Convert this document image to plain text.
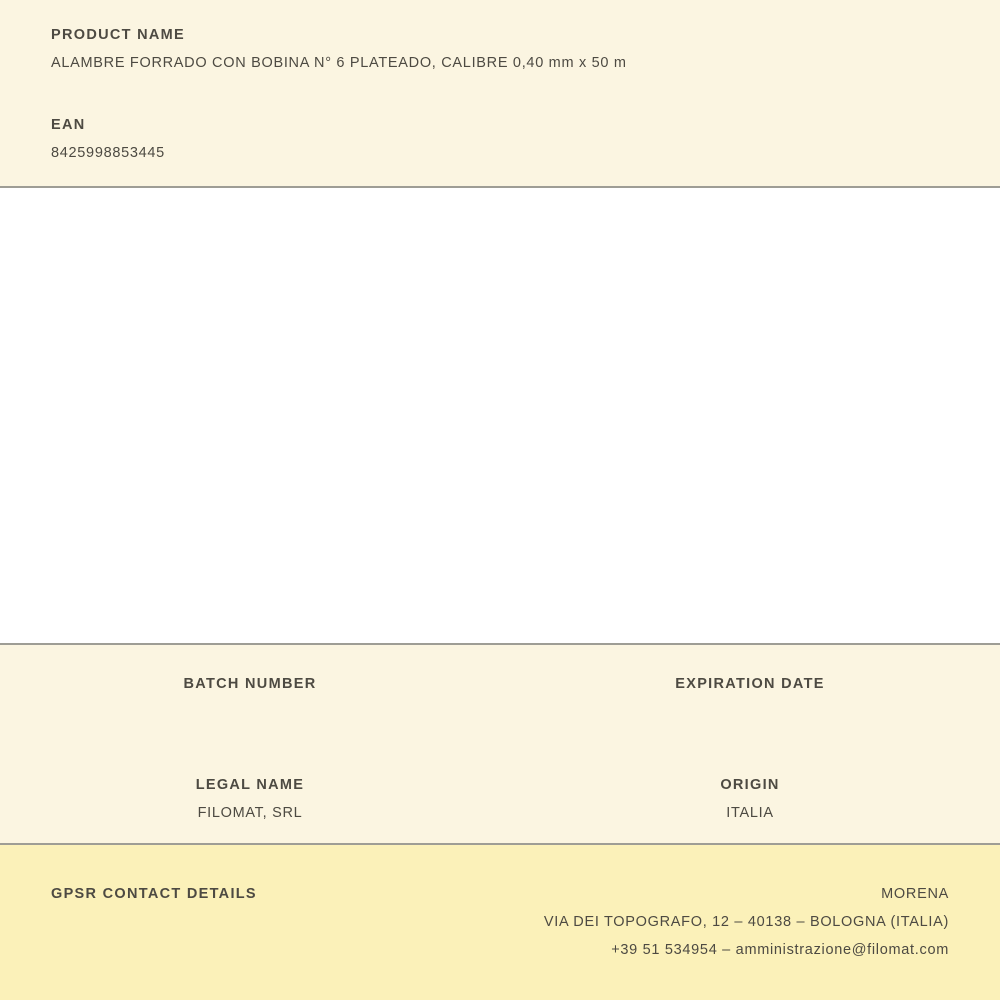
PRODUCT NAME
ALAMBRE FORRADO CON BOBINA N° 6 PLATEADO, CALIBRE 0,40 mm x 50 m
EAN
8425998853445
BATCH NUMBER	EXPIRATION DATE
LEGAL NAME
FILOMAT, SRL
ORIGIN
ITALIA
GPSR CONTACT DETAILS	MORENA
VIA DEI TOPOGRAFO, 12 – 40138 – BOLOGNA (ITALIA)
+39 51 534954 – amministrazione@filomat.com
